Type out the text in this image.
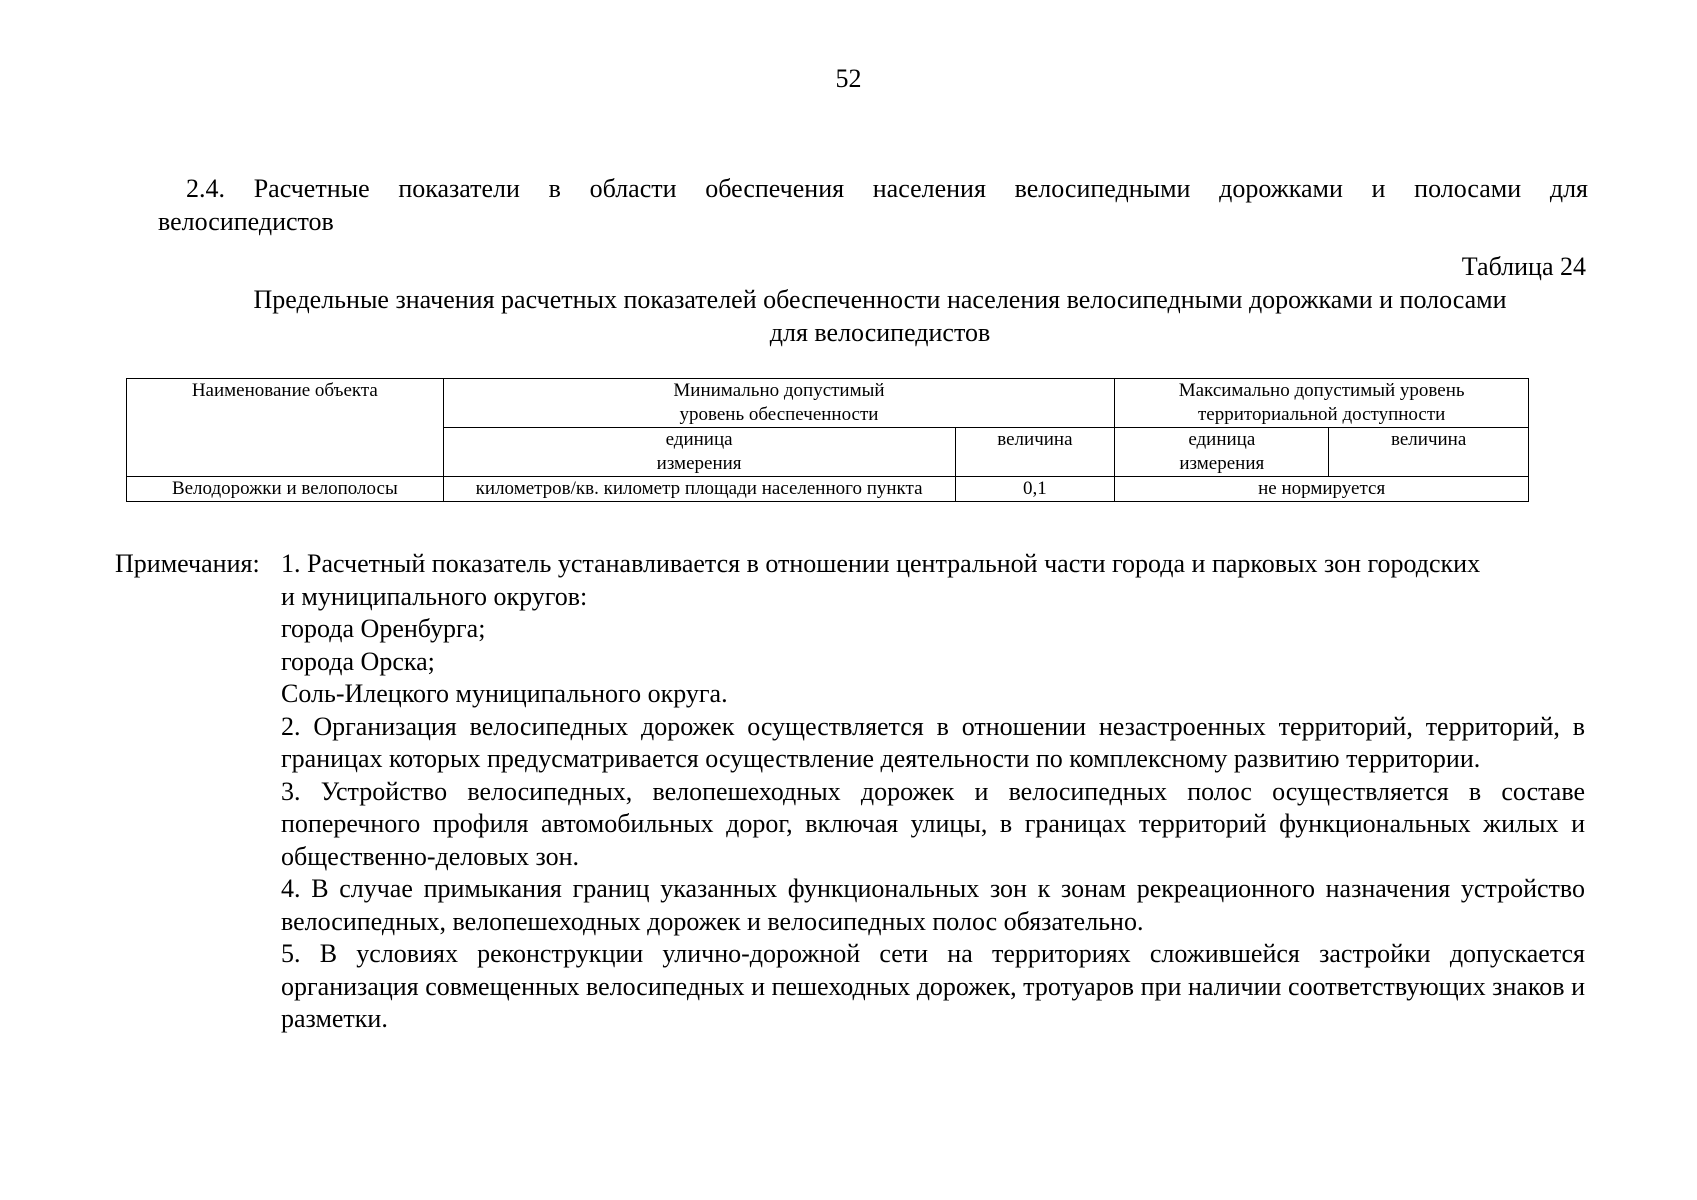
52
2.4. Расчетные показатели в области обеспечения населения велосипедными дорожками и полосами для
велосипедистов
Таблица 24
Предельные значения расчетных показателей обеспеченности населения велосипедными дорожками и полосами
для велосипедистов
Наименование объекта	Минимально допустимый уровень обеспеченности		Максимально допустимый уровень территориальной доступности	
	единица измерения	величина	единица измерения	величина
Велодорожки и велополосы	километров/кв. километр площади населенного пункта	0,1	не нормируется	
Примечания: 1. Расчетный показатель устанавливается в отношении центральной части города и парковых зон городских
и муниципального округов:
города Оренбурга;
города Орска;
Соль-Илецкого муниципального округа.
2. Организация велосипедных дорожек осуществляется в отношении незастроенных территорий, территорий, в границах которых предусматривается осуществление деятельности по комплексному развитию территории.
3. Устройство велосипедных, велопешеходных дорожек и велосипедных полос осуществляется в составе поперечного профиля автомобильных дорог, включая улицы, в границах территорий функциональных жилых и общественно-деловых зон.
4. В случае примыкания границ указанных функциональных зон к зонам рекреационного назначения устройство велосипедных, велопешеходных дорожек и велосипедных полос обязательно.
5. В условиях реконструкции улично-дорожной сети на территориях сложившейся застройки допускается организация совмещенных велосипедных и пешеходных дорожек, тротуаров при наличии соответствующих знаков и разметки.
